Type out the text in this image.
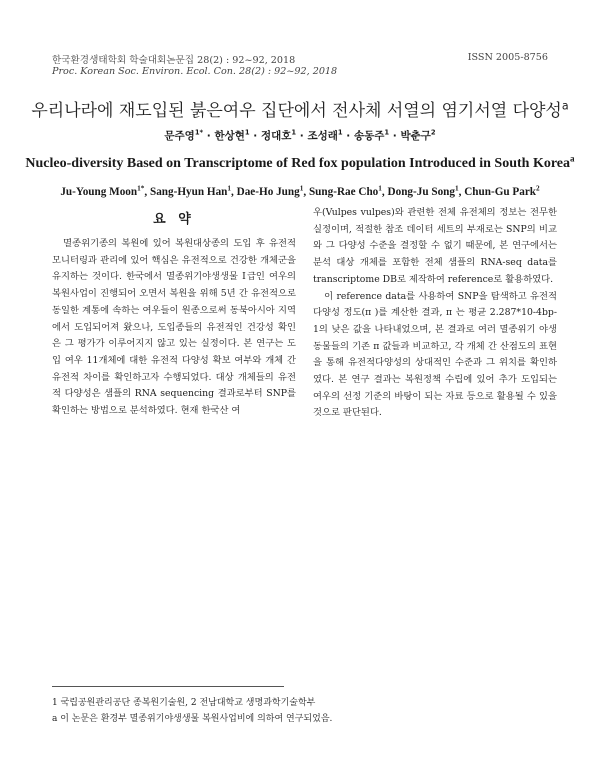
한국환경생태학회 학술대회논문집 28(2) : 92~92, 2018
Proc. Korean Soc. Environ. Ecol. Con. 28(2) : 92~92, 2018
ISSN 2005-8756
우리나라에 재도입된 붉은여우 집단에서 전사체 서열의 염기서열 다양성$^a$
문주영$^{1*}$ · 한상현$^1$ · 정대호$^1$ · 조성래$^1$ · 송동주$^1$ · 박춘구$^2$
Nucleo-diversity Based on Transcriptome of Red fox population Introduced in South Korea$^a$
Ju-Young Moon$^{1*}$, Sang-Hyun Han$^1$, Dae-Ho Jung$^1$, Sung-Rae Cho$^1$, Dong-Ju Song$^1$, Chun-Gu Park$^2$
요 약

멸종위기종의 복원에 있어 복원대상종의 도입 후 유전적 모니터링과 관리에 있어 핵심은 유전적으로 건강한 개체군을 유지하는 것이다. 한국에서 멸종위기야생생물 Ⅰ급인 여우의 복원사업이 진행되어 오면서 복원을 위해 5년 간 유전적으로 동일한 계통에 속하는 여우들이 원종으로써 동북아시아 지역에서 도입되어져 왔으나, 도입종들의 유전적인 건강성 확인은 그 평가가 이루어지지 않고 있는 실정이다. 본 연구는 도입 여우 11개체에 대한 유전적 다양성 확보 여부와 개체 간 유전적 차이를 확인하고자 수행되었다. 대상 개체들의 유전적 다양성은 샘플의 RNA sequencing 결과로부터 SNP를 확인하는 방법으로 분석하였다. 현재 한국산 여

우(Vulpes vulpes)와 관련한 전체 유전체의 정보는 전무한 실정이며, 적절한 참조 데이터 세트의 부재로는 SNP의 비교와 그 다양성 수준을 결정할 수 없기 때문에, 본 연구에서는 분석 대상 개체를 포함한 전체 샘플의 RNA-seq data를 transcriptome DB로 제작하여 reference로 활용하였다.

이 reference data를 사용하여 SNP을 탐색하고 유전적 다양성 정도(π )를 계산한 결과, π 는 평균 2.287*10-4bp-1의 낮은 값을 나타내었으며, 본 결과로 여러 멸종위기 야생동물들의 기존 π 값들과 비교하고, 각 개체 간 산점도의 표현을 통해 유전적다양성의 상대적인 수준과 그 위치를 확인하였다. 본 연구 결과는 복원정책 수립에 있어 추가 도입되는 여우의 선정 기준의 바탕이 되는 자료 등으로 활용될 수 있을 것으로 판단된다.

1 국립공원관리공단 종복원기술원, 2 전남대학교 생명과학기술학부
a 이 논문은 환경부 멸종위기야생생물 복원사업비에 의하여 연구되었음.
